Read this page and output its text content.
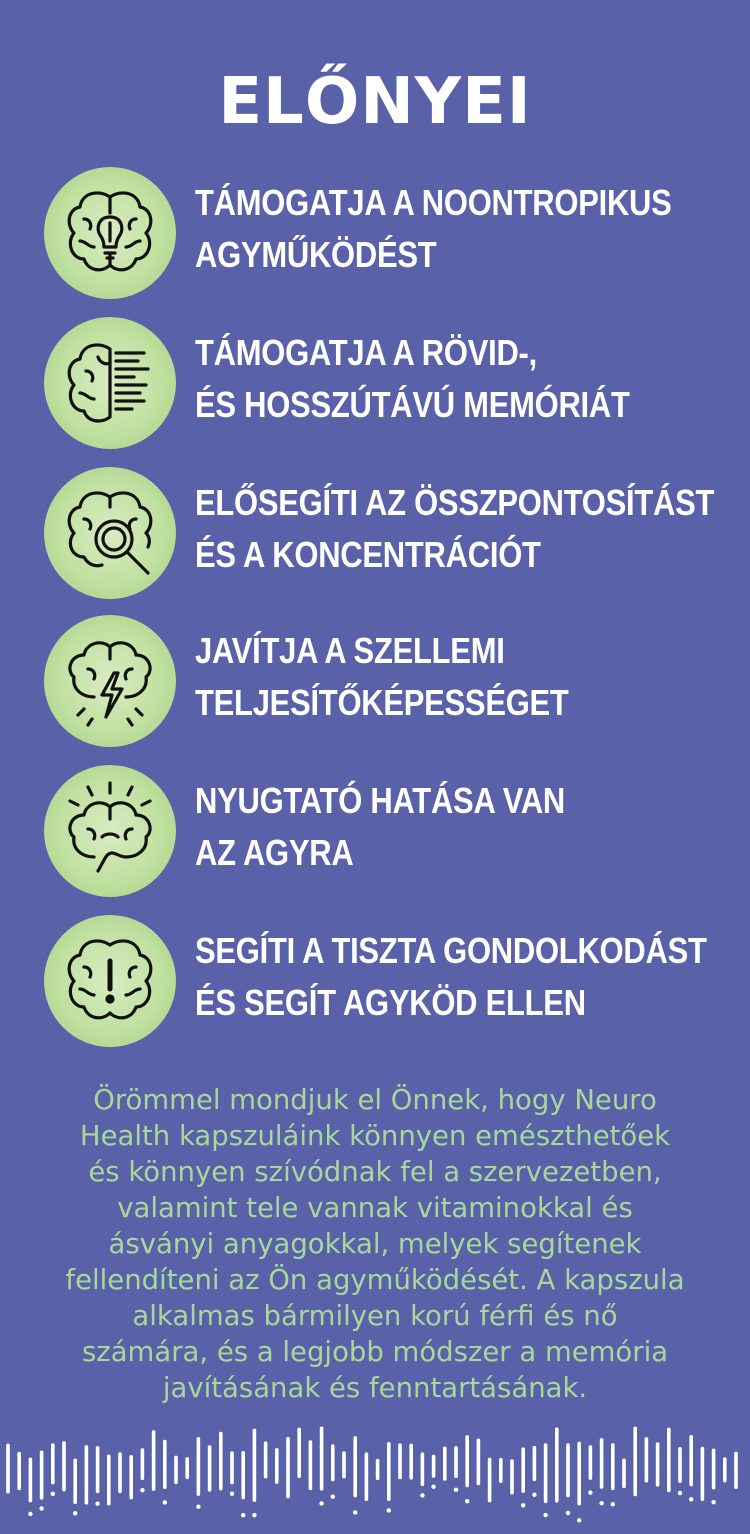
ELŐNYEI
TÁMOGATJA A NOONTROPIKUS
AGYMŰKÖDÉST
TÁMOGATJA A RÖVID-,
ÉS HOSSZÚTÁVÚ MEMÓRIÁT
ELŐSEGÍTI AZ ÖSSZPONTOSÍTÁST
ÉS A KONCENTRÁCIÓT
JAVÍTJA A SZELLEMI
TELJESÍTŐKÉPESSÉGET
NYUGTATÓ HATÁSA VAN
AZ AGYRA
SEGÍTI A TISZTA GONDOLKODÁST
ÉS SEGÍT AGYKÖD ELLEN
Örömmel mondjuk el Önnek, hogy Neuro
Health kapszuláink könnyen emészthetőek
és könnyen szívódnak fel a szervezetben,
valamint tele vannak vitaminokkal és
ásványi anyagokkal, melyek segítenek
fellendíteni az Ön agyműködését. A kapszula
alkalmas bármilyen korú férfi és nő
számára, és a legjobb módszer a memória
javításának és fenntartásának.
